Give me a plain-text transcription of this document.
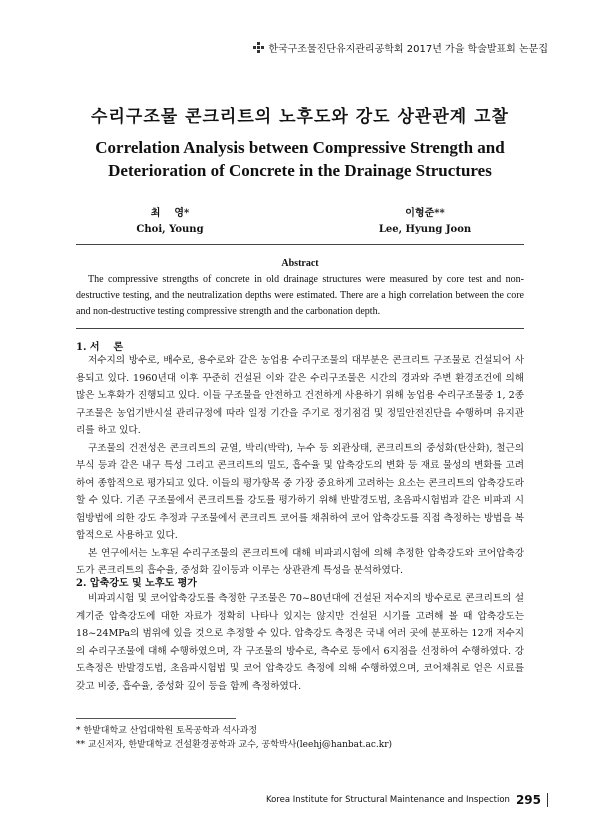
한국구조물진단유지관리공학회 2017년 가을 학술발표회 논문집
수리구조물 콘크리트의 노후도와 강도 상관관계 고찰
Correlation Analysis between Compressive Strength and
Deterioration of Concrete in the Drainage Structures
최    영*
Choi, Young
이형준**
Lee, Hyung Joon
Abstract

The compressive strengths of concrete in old drainage structures were measured by core test and non-destructive testing, and the neutralization depths were estimated. There are a high correlation between the core and non-destructive testing compressive strength and the carbonation depth.

1. 서    론

저수지의 방수로, 배수로, 용수로와 같은 농업용 수리구조물의 대부분은 콘크리트 구조물로 건설되어 사용되고 있다. 1960년대 이후 꾸준히 건설된 이와 같은 수리구조물은 시간의 경과와 주변 환경조건에 의해 많은 노후화가 진행되고 있다. 이들 구조물을 안전하고 건전하게 사용하기 위해 농업용 수리구조물중 1, 2종 구조물은 농업기반시설 관리규정에 따라 일정 기간을 주기로 정기점검 및 정밀안전진단을 수행하며 유지관리를 하고 있다.

구조물의 건전성은 콘크리트의 균열, 박리(박락), 누수 등 외관상태, 콘크리트의 중성화(탄산화), 철근의 부식 등과 같은 내구 특성 그리고 콘크리트의 밀도, 흡수율 및 압축강도의 변화 등 재료 물성의 변화를 고려하여 종합적으로 평가되고 있다. 이들의 평가항목 중 가장 중요하게 고려하는 요소는 콘크리트의 압축강도라 할 수 있다. 기존 구조물에서 콘크리트를 강도를 평가하기 위해 반발경도법, 초음파시험법과 같은 비파괴 시험방법에 의한 강도 추정과 구조물에서 콘크리트 코어를 채취하여 코어 압축강도를 직접 측정하는 방법을 복합적으로 사용하고 있다.

본 연구에서는 노후된 수리구조물의 콘크리트에 대해 비파괴시험에 의해 추정한 압축강도와 코어압축강도가 콘크리트의 흡수율, 중성화 깊이등과 이루는 상관관계 특성을 분석하였다.

2. 압축강도 및 노후도 평가

비파괴시험 및 코어압축강도를 측정한 구조물은 70~80년대에 건설된 저수지의 방수로로 콘크리트의 설계기준 압축강도에 대한 자료가 정확히 나타나 있지는 않지만 건설된 시기를 고려해 볼 때 압축강도는 18~24MPa의 범위에 있을 것으로 추정할 수 있다. 압축강도 측정은 국내 여러 곳에 분포하는 12개 저수지의 수리구조물에 대해 수행하였으며, 각 구조물의 방수로, 측수로 등에서 6지점을 선정하여 수행하였다. 강도측정은 반발경도법, 초음파시험법 및 코어 압축강도 측정에 의해 수행하였으며, 코어채취로 얻은 시료를 갖고 비중, 흡수율, 중성화 깊이 등을 함께 측정하였다.

* 한밭대학교 산업대학원 토목공학과 석사과정
** 교신저자, 한밭대학교 건설환경공학과 교수, 공학박사(leehj@hanbat.ac.kr)
Korea Institute for Structural Maintenance and Inspection 295
